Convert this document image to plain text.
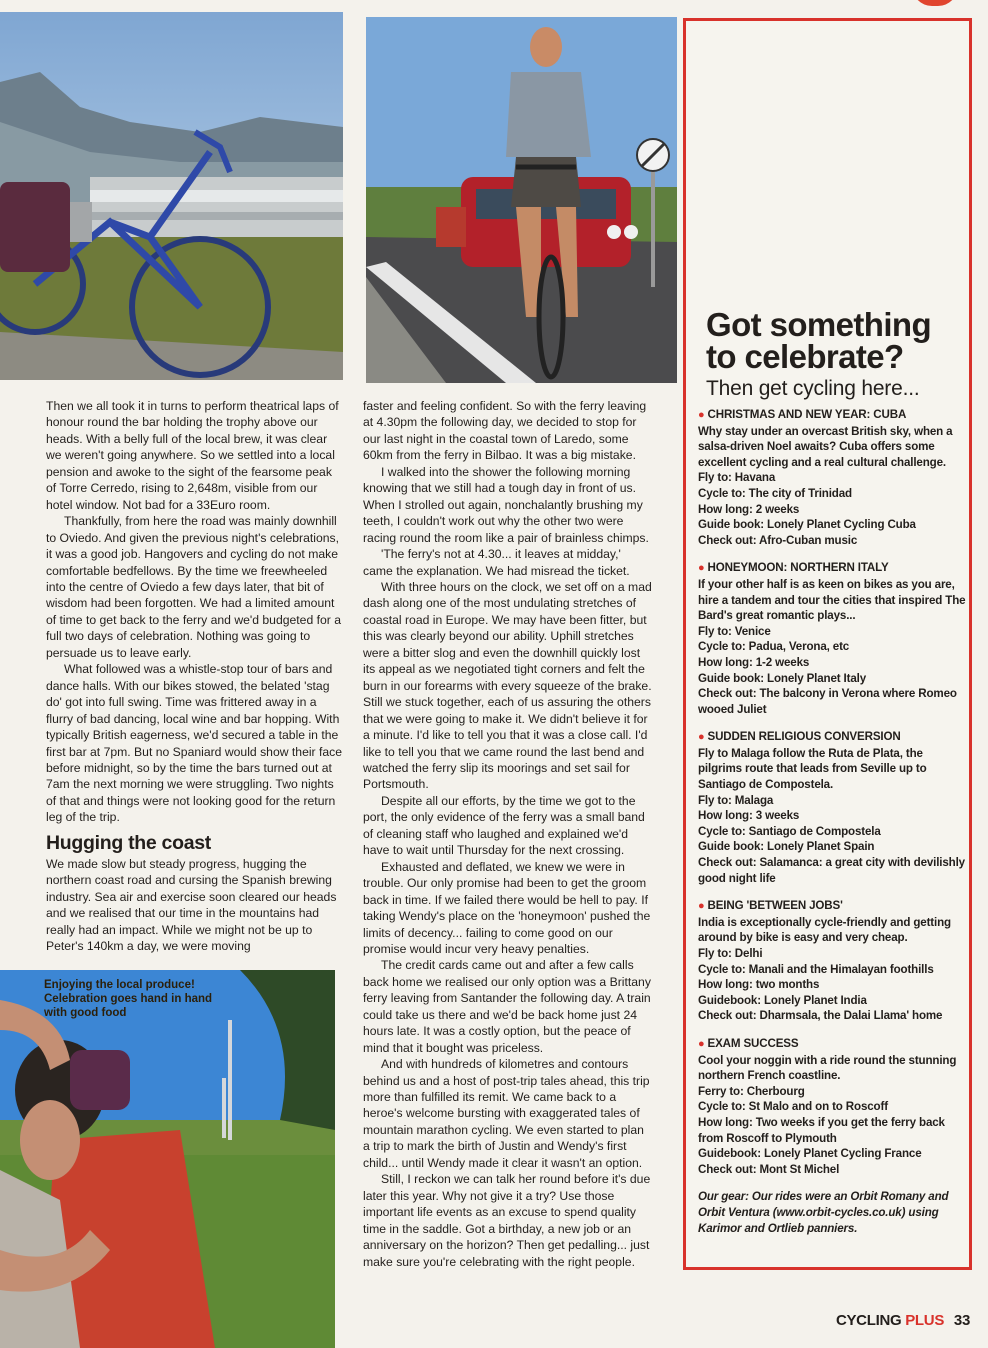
Enjoying the local produce! Celebration goes hand in hand with good food

Then we all took it in turns to perform theatrical laps of honour round the bar holding the trophy above our heads. With a belly full of the local brew, it was clear we weren't going anywhere. So we settled into a local pension and awoke to the sight of the fearsome peak of Torre Cerredo, rising to 2,648m, visible from our hotel window. Not bad for a 33Euro room.

Thankfully, from here the road was mainly downhill to Oviedo. And given the previous night's celebrations, it was a good job. Hangovers and cycling do not make comfortable bedfellows. By the time we freewheeled into the centre of Oviedo a few days later, that bit of wisdom had been forgotten. We had a limited amount of time to get back to the ferry and we'd budgeted for a full two days of celebration. Nothing was going to persuade us to leave early.

What followed was a whistle-stop tour of bars and dance halls. With our bikes stowed, the belated 'stag do' got into full swing. Time was frittered away in a flurry of bad dancing, local wine and bar hopping. With typically British eagerness, we'd secured a table in the first bar at 7pm. But no Spaniard would show their face before midnight, so by the time the bars turned out at 7am the next morning we were struggling. Two nights of that and things were not looking good for the return leg of the trip.

Hugging the coast

We made slow but steady progress, hugging the northern coast road and cursing the Spanish brewing industry. Sea air and exercise soon cleared our heads and we realised that our time in the mountains had really had an impact. While we might not be up to Peter's 140km a day, we were moving

faster and feeling confident. So with the ferry leaving at 4.30pm the following day, we decided to stop for our last night in the coastal town of Laredo, some 60km from the ferry in Bilbao. It was a big mistake.

I walked into the shower the following morning knowing that we still had a tough day in front of us. When I strolled out again, nonchalantly brushing my teeth, I couldn't work out why the other two were racing round the room like a pair of brainless chimps.

'The ferry's not at 4.30... it leaves at midday,' came the explanation. We had misread the ticket.

With three hours on the clock, we set off on a mad dash along one of the most undulating stretches of coastal road in Europe. We may have been fitter, but this was clearly beyond our ability. Uphill stretches were a bitter slog and even the downhill quickly lost its appeal as we negotiated tight corners and felt the burn in our forearms with every squeeze of the brake. Still we stuck together, each of us assuring the others that we were going to make it. We didn't believe it for a minute. I'd like to tell you that it was a close call. I'd like to tell you that we came round the last bend and watched the ferry slip its moorings and set sail for Portsmouth.

Despite all our efforts, by the time we got to the port, the only evidence of the ferry was a small band of cleaning staff who laughed and explained we'd have to wait until Thursday for the next crossing.

Exhausted and deflated, we knew we were in trouble. Our only promise had been to get the groom back in time. If we failed there would be hell to pay. If taking Wendy's place on the 'honeymoon' pushed the limits of decency... failing to come good on our promise would incur very heavy penalties.

The credit cards came out and after a few calls back home we realised our only option was a Brittany ferry leaving from Santander the following day. A train could take us there and we'd be back home just 24 hours late. It was a costly option, but the peace of mind that it bought was priceless.

And with hundreds of kilometres and contours behind us and a host of post-trip tales ahead, this trip more than fulfilled its remit. We came back to a heroe's welcome bursting with exaggerated tales of mountain marathon cycling. We even started to plan a trip to mark the birth of Justin and Wendy's first child... until Wendy made it clear it wasn't an option.

Still, I reckon we can talk her round before it's due later this year. Why not give it a try? Use those important life events as an excuse to spend quality time in the saddle. Got a birthday, a new job or an anniversary on the horizon? Then get pedalling... just make sure you're celebrating with the right people.

Got something to celebrate?
Then get cycling here...
● CHRISTMAS AND NEW YEAR: CUBA
Why stay under an overcast British sky, when a salsa-driven Noel awaits? Cuba offers some excellent cycling and a real cultural challenge.
Fly to: Havana
Cycle to: The city of Trinidad
How long: 2 weeks
Guide book: Lonely Planet Cycling Cuba
Check out: Afro-Cuban music
● HONEYMOON: NORTHERN ITALY
If your other half is as keen on bikes as you are, hire a tandem and tour the cities that inspired The Bard's great romantic plays...
Fly to: Venice
Cycle to: Padua, Verona, etc
How long: 1-2 weeks
Guide book: Lonely Planet Italy
Check out: The balcony in Verona where Romeo wooed Juliet
● SUDDEN RELIGIOUS CONVERSION
Fly to Malaga follow the Ruta de Plata, the pilgrims route that leads from Seville up to Santiago de Compostela.
Fly to: Malaga
How long: 3 weeks
Cycle to: Santiago de Compostela
Guide book: Lonely Planet Spain
Check out: Salamanca: a great city with devilishly good night life
● BEING 'BETWEEN JOBS'
India is exceptionally cycle-friendly and getting around by bike is easy and very cheap.
Fly to: Delhi
Cycle to: Manali and the Himalayan foothills
How long: two months
Guidebook: Lonely Planet India
Check out: Dharmsala, the Dalai Llama' home
● EXAM SUCCESS
Cool your noggin with a ride round the stunning northern French coastline.
Ferry to: Cherbourg
Cycle to: St Malo and on to Roscoff
How long: Two weeks if you get the ferry back from Roscoff to Plymouth
Guidebook: Lonely Planet Cycling France
Check out: Mont St Michel
Our gear: Our rides were an Orbit Romany and Orbit Ventura (www.orbit-cycles.co.uk) using Karimor and Ortlieb panniers.
CYCLING PLUS 33
